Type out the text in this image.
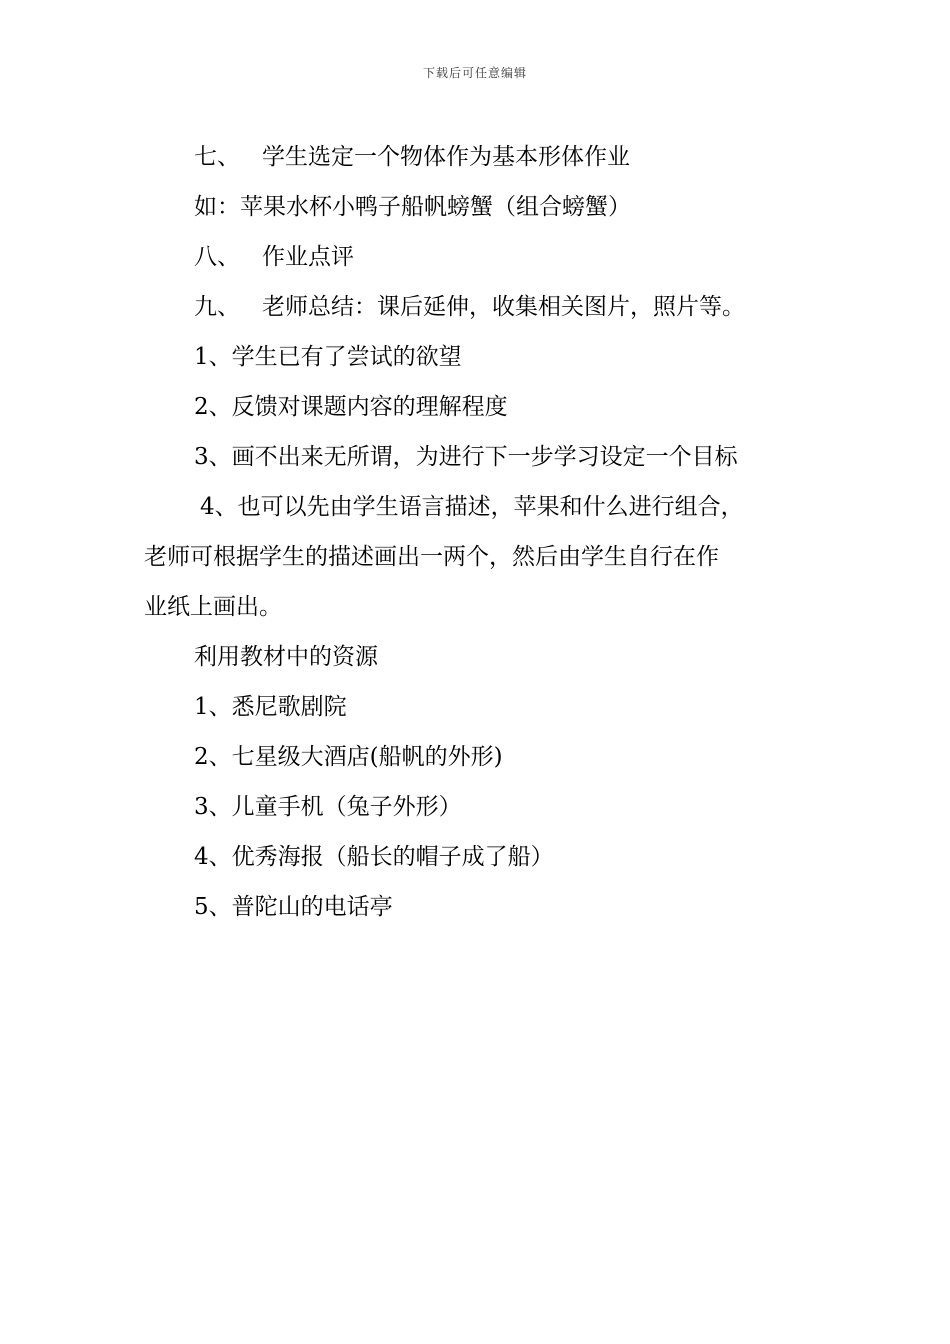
下载后可任意编辑
七、 学生选定一个物体作为基本形体作业
如：苹果水杯小鸭子船帆螃蟹（组合螃蟹）
八、 作业点评
九、 老师总结：课后延伸，收集相关图片，照片等。
1、学生已有了尝试的欲望
2、反馈对课题内容的理解程度
3、画不出来无所谓，为进行下一步学习设定一个目标
4、也可以先由学生语言描述，苹果和什么进行组合，
老师可根据学生的描述画出一两个，然后由学生自行在作
业纸上画出。
利用教材中的资源
1、悉尼歌剧院
2、七星级大酒店(船帆的外形)
3、儿童手机（兔子外形）
4、优秀海报（船长的帽子成了船）
5、普陀山的电话亭
